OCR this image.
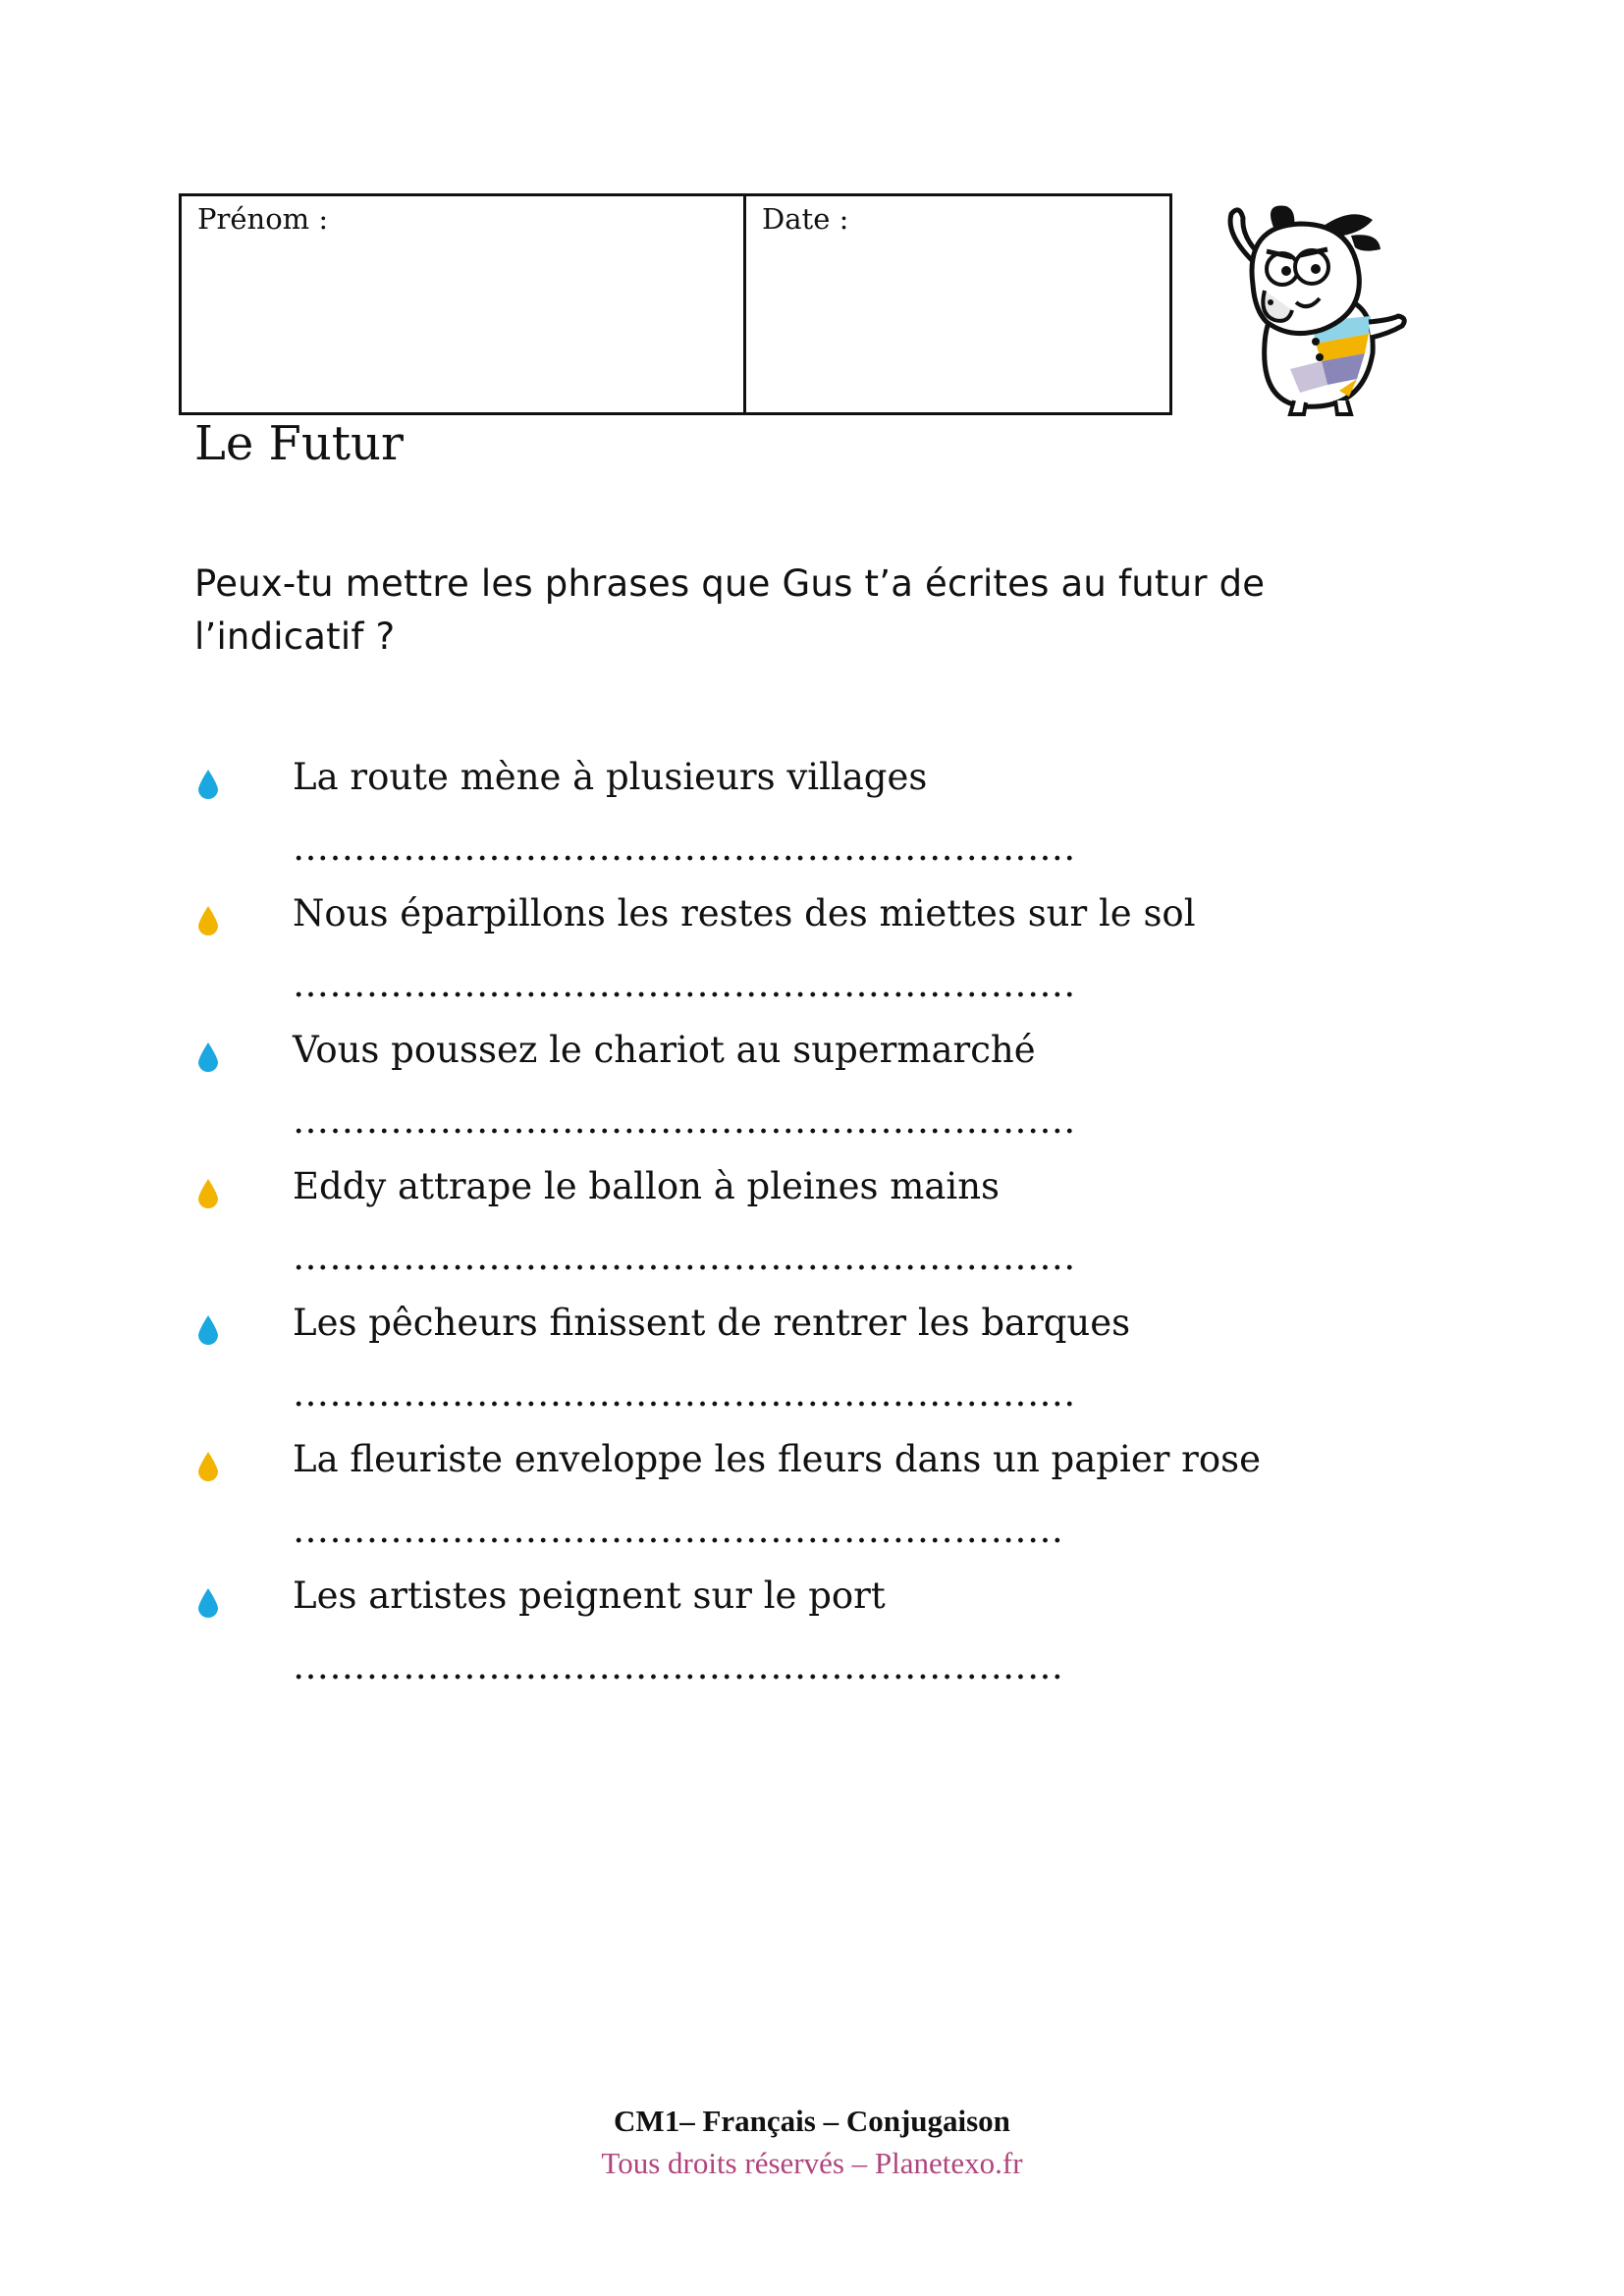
Prénom :	Date :
Le Futur
Peux-tu mettre les phrases que Gus t’a écrites au futur de l’indicatif ?
La route mène à plusieurs villages
……………………………………………………….
Nous éparpillons les restes des miettes sur le sol
……………………………………………………….
Vous poussez le chariot au supermarché
……………………………………………………….
Eddy attrape le ballon à pleines mains
……………………………………………………….
Les pêcheurs finissent de rentrer les barques
……………………………………………………….
La fleuriste enveloppe les fleurs dans un papier rose
………………………………………………………
Les artistes peignent sur le port
………………………………………………………
CM1– Français – Conjugaison
Tous droits réservés – Planetexo.fr
